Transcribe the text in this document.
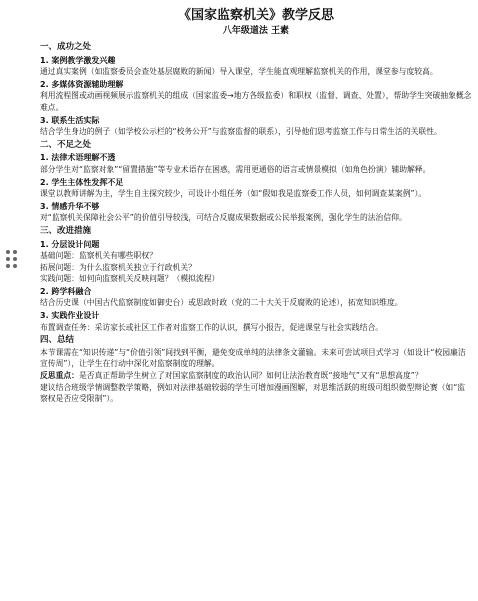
《国家监察机关》教学反思
八年级道法 王素
一、成功之处
1. 案例教学激发兴趣
通过真实案例（如监察委员会查处基层腐败的新闻）导入课堂，学生能直观理解监察机关的作用，课堂参与度较高。
2. 多媒体资源辅助理解
利用流程图或动画视频展示监察机关的组成（国家监委→地方各级监委）和职权（监督、调查、处置），帮助学生突破抽象概念难点。
3. 联系生活实际
结合学生身边的例子（如学校公示栏的“校务公开”与监察监督的联系），引导他们思考监察工作与日常生活的关联性。
二、不足之处
1. 法律术语理解不透
部分学生对“监察对象”“留置措施”等专业术语存在困惑，需用更通俗的语言或情景模拟（如角色扮演）辅助解释。
2. 学生主体性发挥不足
课堂以教师讲解为主，学生自主探究较少，可设计小组任务（如“假如我是监察委工作人员，如何调查某案例”）。
3. 情感升华不够
对“监察机关保障社会公平”的价值引导较浅，可结合反腐成果数据或公民举报案例，强化学生的法治信仰。
三、改进措施
1. 分层设计问题
基础问题：监察机关有哪些职权？
拓展问题：为什么监察机关独立于行政机关？
实践问题：如何向监察机关反映问题？（模拟流程）
2. 跨学科融合
结合历史课（中国古代监察制度如御史台）或思政时政（党的二十大关于反腐败的论述），拓宽知识维度。
3. 实践作业设计
布置调查任务：采访家长或社区工作者对监察工作的认识，撰写小报告，促进课堂与社会实践结合。
四、总结
本节课需在“知识传递”与“价值引领”间找到平衡，避免变成单纯的法律条文灌输。未来可尝试项目式学习（如设计“校园廉洁宣传周”），让学生在行动中深化对监察制度的理解。
反思重点：是否真正帮助学生树立了对国家监察制度的政治认同？如何让法治教育既“接地气”又有“思想高度”？
建议结合班级学情调整教学策略，例如对法律基础较弱的学生可增加漫画图解，对思维活跃的班级可组织微型辩论赛（如“监察权是否应受限制”）。
